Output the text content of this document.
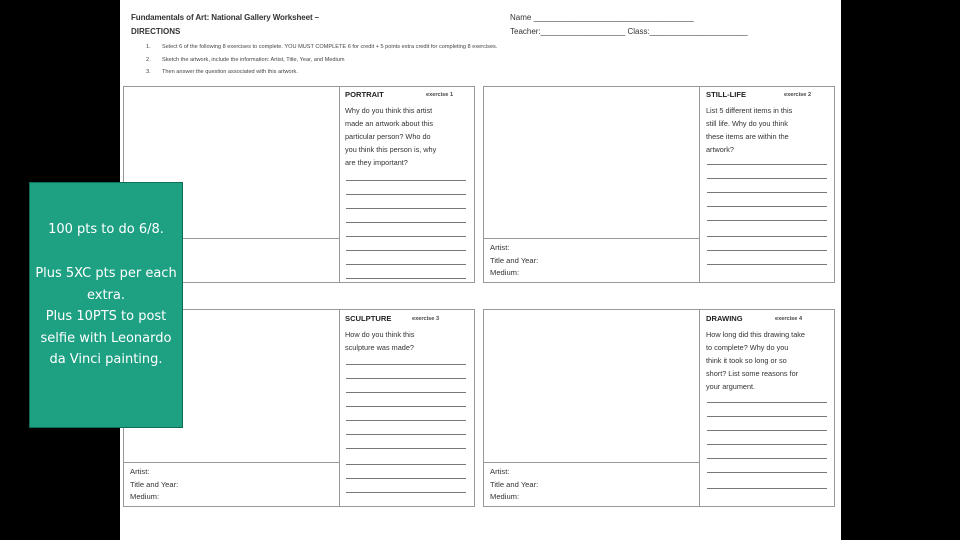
Fundamentals of Art: National Gallery Worksheet –
DIRECTIONS
Name ____________________________________
Teacher:___________________ Class:______________________
1. Select 6 of the following 8 exercises to complete. YOU MUST COMPLETE 6 for credit + 5 points extra credit for completing 8 exercises.
2. Sketch the artwork, include the information: Artist, Title, Year, and Medium
3. Then answer the question associated with this artwork.
PORTRAIT	exercise 1
Why do you think this artist
made an artwork about this
particular person? Who do
you think this person is, why
are they important?
Artist:
Title and Year:
Medium:
STILL-LIFE	exercise 2
List 5 different items in this
still life. Why do you think
these items are within the
artwork?
Artist:
Title and Year:
Medium:
SCULPTURE	exercise 3
How do you think this
sculpture was made?
Artist:
Title and Year:
Medium:
DRAWING	exercise 4
How long did this drawing take
to complete? Why do you
think it took so long or so
short? List some reasons for
your argument.
100 pts to do 6/8.
Plus 5XC pts per each extra.
Plus 10PTS to post selfie with Leonardo da Vinci painting.
